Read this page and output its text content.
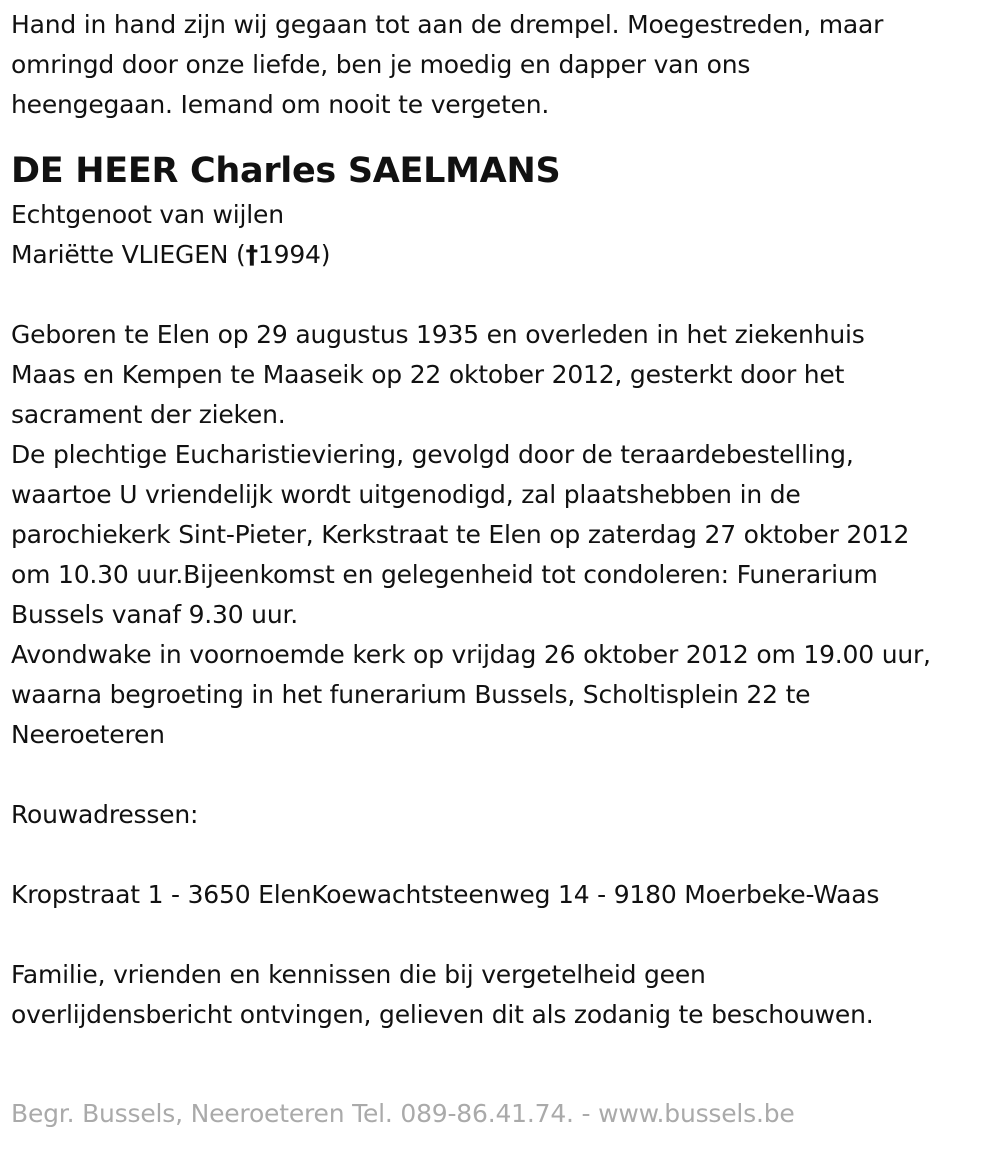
Hand in hand zijn wij gegaan tot aan de drempel. Moegestreden, maar
omringd door onze liefde, ben je moedig en dapper van ons
heengegaan. Iemand om nooit te vergeten.

DE HEER Charles SAELMANS

Echtgenoot van wijlen
Mariëtte VLIEGEN (†1994)

Geboren te Elen op 29 augustus 1935 en overleden in het ziekenhuis
Maas en Kempen te Maaseik op 22 oktober 2012, gesterkt door het
sacrament der zieken.
De plechtige Eucharistieviering, gevolgd door de teraardebestelling,
waartoe U vriendelijk wordt uitgenodigd, zal plaatshebben in de
parochiekerk Sint-Pieter, Kerkstraat te Elen op zaterdag 27 oktober 2012
om 10.30 uur.Bijeenkomst en gelegenheid tot condoleren: Funerarium
Bussels vanaf 9.30 uur.
Avondwake in voornoemde kerk op vrijdag 26 oktober 2012 om 19.00 uur,
waarna begroeting in het funerarium Bussels, Scholtisplein 22 te
Neeroeteren

Rouwadressen:

Kropstraat 1 - 3650 ElenKoewachtsteenweg 14 - 9180 Moerbeke-Waas

Familie, vrienden en kennissen die bij vergetelheid geen
overlijdensbericht ontvingen, gelieven dit als zodanig te beschouwen.

Begr. Bussels, Neeroeteren Tel. 089-86.41.74. - www.bussels.be
